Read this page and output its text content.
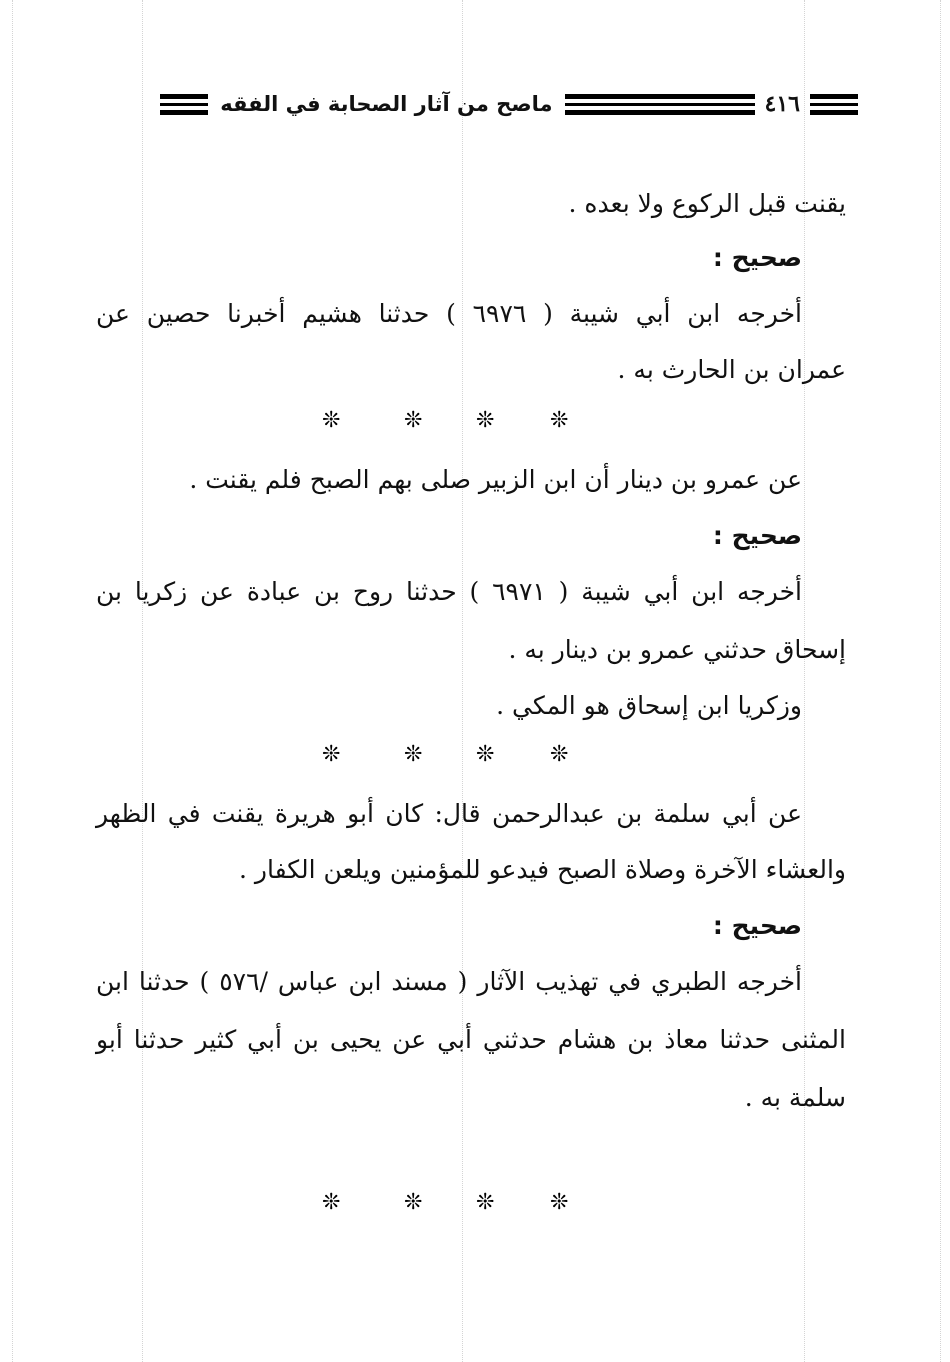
٤١٦
ماصح من آثار الصحابة في الفقه
يقنت قبل الركوع ولا بعده .
صحيح :
أخرجه ابن أبي شيبة ( ٦٩٧٦ ) حدثنا هشيم أخبرنا حصين عن
عمران بن الحارث به .
❊	❊ ❊	❊
عن عمرو بن دينار أن ابن الزبير صلى بهم الصبح فلم يقنت .
صحيح :
أخرجه ابن أبي شيبة ( ٦٩٧١ ) حدثنا روح بن عبادة عن زكريا بن
إسحاق حدثني عمرو بن دينار به .
وزكريا ابن إسحاق هو المكي .
❊	❊ ❊	❊
عن أبي سلمة بن عبدالرحمن قال: كان أبو هريرة يقنت في الظهر
والعشاء الآخرة وصلاة الصبح فيدعو للمؤمنين ويلعن الكفار .
صحيح :
أخرجه الطبري في تهذيب الآثار ( مسند ابن عباس /٥٧٦ ) حدثنا ابن
المثنى حدثنا معاذ بن هشام حدثني أبي عن يحيى بن أبي كثير حدثنا أبو
سلمة به .
❊	❊ ❊	❊
